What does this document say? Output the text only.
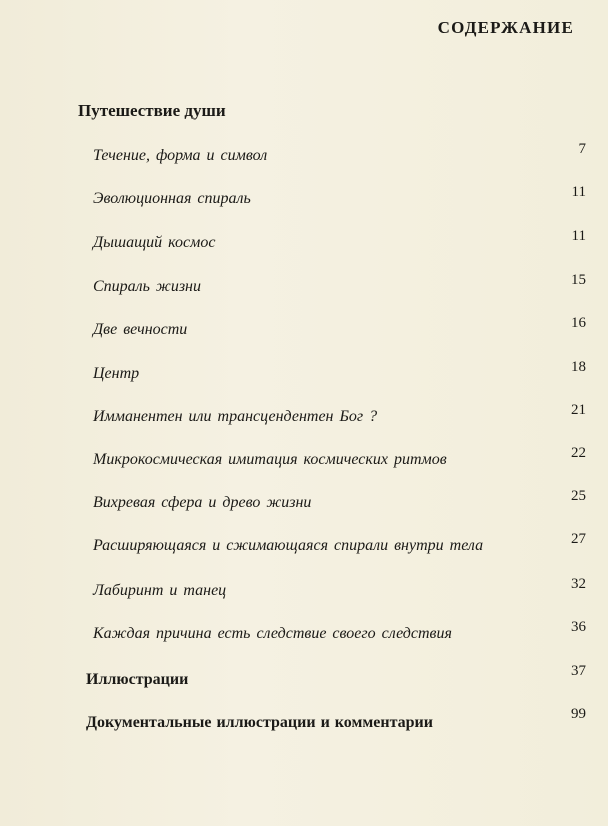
СОДЕРЖАНИЕ
Путешествие души
Течение, форма и символ	7
Эволюционная спираль	11
Дышащий космос	11
Спираль жизни	15
Две вечности	16
Центр	18
Имманентен или трансцендентен Бог ?	21
Микрокосмическая имитация космических ритмов	22
Вихревая сфера и древо жизни	25
Расширяющаяся и сжимающаяся спирали внутри тела	27
Лабиринт и танец	32
Каждая причина есть следствие своего следствия	36
Иллюстрации	37
Документальные иллюстрации и комментарии	99
